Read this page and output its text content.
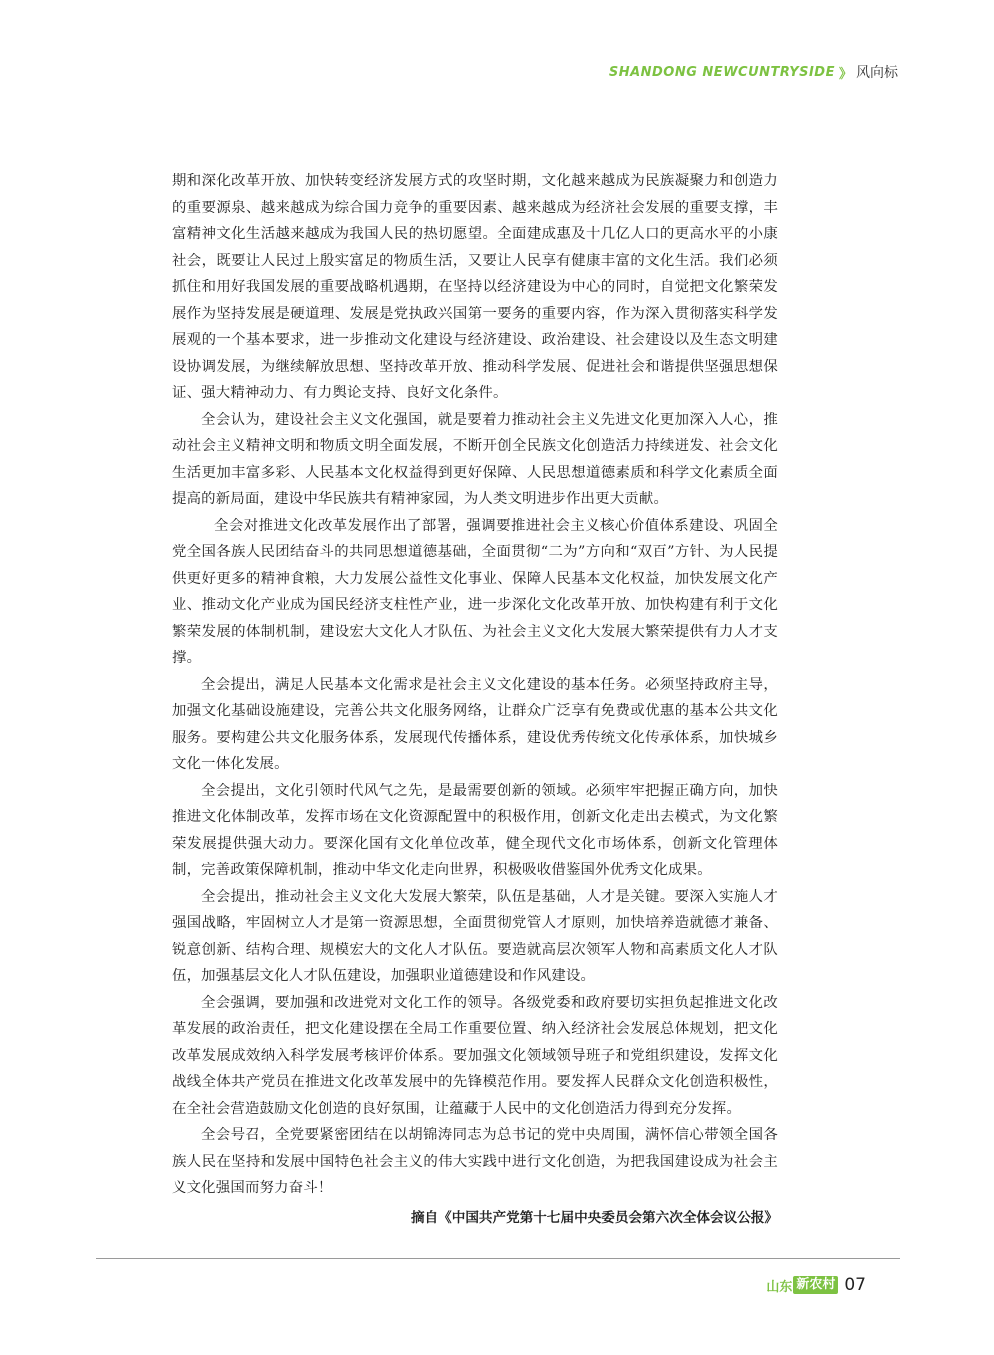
SHANDONG NEWCUNTRYSIDE 》 风向标

期和深化改革开放、加快转变经济发展方式的攻坚时期，文化越来越成为民族凝聚力和创造力的重要源泉、越来越成为综合国力竞争的重要因素、越来越成为经济社会发展的重要支撑，丰富精神文化生活越来越成为我国人民的热切愿望。全面建成惠及十几亿人口的更高水平的小康社会，既要让人民过上殷实富足的物质生活，又要让人民享有健康丰富的文化生活。我们必须抓住和用好我国发展的重要战略机遇期，在坚持以经济建设为中心的同时，自觉把文化繁荣发展作为坚持发展是硬道理、发展是党执政兴国第一要务的重要内容，作为深入贯彻落实科学发展观的一个基本要求，进一步推动文化建设与经济建设、政治建设、社会建设以及生态文明建设协调发展，为继续解放思想、坚持改革开放、推动科学发展、促进社会和谐提供坚强思想保证、强大精神动力、有力舆论支持、良好文化条件。

全会认为，建设社会主义文化强国，就是要着力推动社会主义先进文化更加深入人心，推动社会主义精神文明和物质文明全面发展，不断开创全民族文化创造活力持续迸发、社会文化生活更加丰富多彩、人民基本文化权益得到更好保障、人民思想道德素质和科学文化素质全面提高的新局面，建设中华民族共有精神家园，为人类文明进步作出更大贡献。

全会对推进文化改革发展作出了部署，强调要推进社会主义核心价值体系建设、巩固全党全国各族人民团结奋斗的共同思想道德基础，全面贯彻“二为”方向和“双百”方针、为人民提供更好更多的精神食粮，大力发展公益性文化事业、保障人民基本文化权益，加快发展文化产业、推动文化产业成为国民经济支柱性产业，进一步深化文化改革开放、加快构建有利于文化繁荣发展的体制机制，建设宏大文化人才队伍、为社会主义文化大发展大繁荣提供有力人才支撑。

全会提出，满足人民基本文化需求是社会主义文化建设的基本任务。必须坚持政府主导，加强文化基础设施建设，完善公共文化服务网络，让群众广泛享有免费或优惠的基本公共文化服务。要构建公共文化服务体系，发展现代传播体系，建设优秀传统文化传承体系，加快城乡文化一体化发展。

全会提出，文化引领时代风气之先，是最需要创新的领域。必须牢牢把握正确方向，加快推进文化体制改革，发挥市场在文化资源配置中的积极作用，创新文化走出去模式，为文化繁荣发展提供强大动力。要深化国有文化单位改革，健全现代文化市场体系，创新文化管理体制，完善政策保障机制，推动中华文化走向世界，积极吸收借鉴国外优秀文化成果。

全会提出，推动社会主义文化大发展大繁荣，队伍是基础，人才是关键。要深入实施人才强国战略，牢固树立人才是第一资源思想，全面贯彻党管人才原则，加快培养造就德才兼备、锐意创新、结构合理、规模宏大的文化人才队伍。要造就高层次领军人物和高素质文化人才队伍，加强基层文化人才队伍建设，加强职业道德建设和作风建设。

全会强调，要加强和改进党对文化工作的领导。各级党委和政府要切实担负起推进文化改革发展的政治责任，把文化建设摆在全局工作重要位置、纳入经济社会发展总体规划，把文化改革发展成效纳入科学发展考核评价体系。要加强文化领域领导班子和党组织建设，发挥文化战线全体共产党员在推进文化改革发展中的先锋模范作用。要发挥人民群众文化创造积极性，在全社会营造鼓励文化创造的良好氛围，让蕴藏于人民中的文化创造活力得到充分发挥。

全会号召，全党要紧密团结在以胡锦涛同志为总书记的党中央周围，满怀信心带领全国各族人民在坚持和发展中国特色社会主义的伟大实践中进行文化创造，为把我国建设成为社会主义文化强国而努力奋斗！

摘自《中国共产党第十七届中央委员会第六次全体会议公报》
山东 新农村 07
